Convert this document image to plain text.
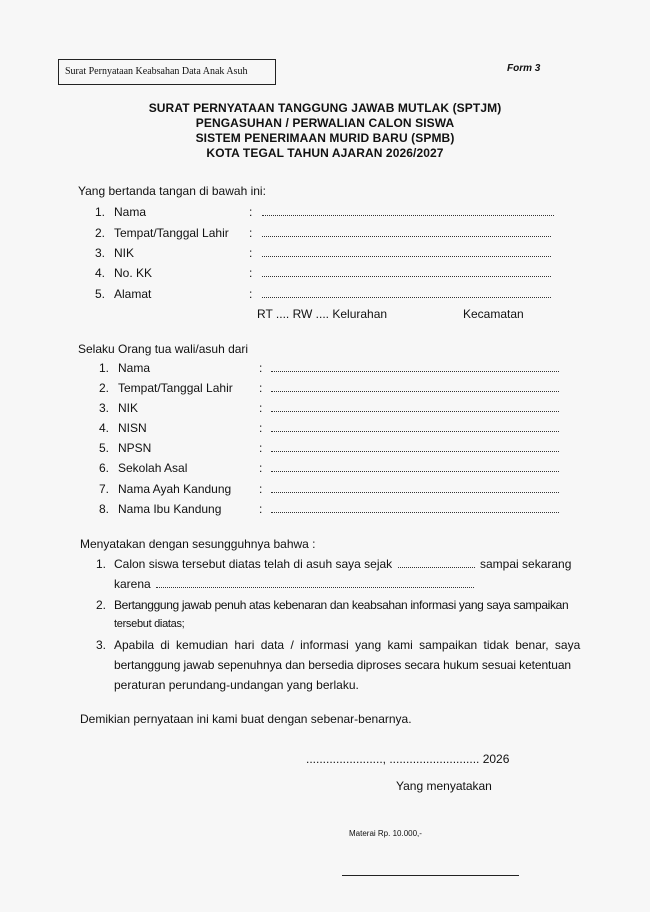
Surat Pernyataan Keabsahan Data Anak Asuh	Form 3
SURAT PERNYATAAN TANGGUNG JAWAB MUTLAK (SPTJM)
PENGASUHAN / PERWALIAN CALON SISWA
SISTEM PENERIMAAN MURID BARU (SPMB)
KOTA TEGAL TAHUN AJARAN 2026/2027
Yang bertanda tangan di bawah ini:
1. Nama	:
2. Tempat/Tanggal Lahir :
3. NIK	:
4. No. KK	:
5. Alamat	:
RT .... RW .... Kelurahan	Kecamatan
Selaku Orang tua wali/asuh dari
1. Nama	:
2. Tempat/Tanggal Lahir :
3. NIK	:
4. NISN	:
5. NPSN	:
6. Sekolah Asal	:
7. Nama Ayah Kandung :
8. Nama Ibu Kandung	:
Menyatakan dengan sesungguhnya bahwa :
1. Calon siswa tersebut diatas telah di asuh saya sejak	sampai sekarang
karena
2. Bertanggung jawab penuh atas kebenaran dan keabsahan informasi yang saya sampaikan
tersebut diatas;
3. Apabila di kemudian hari data / informasi yang kami sampaikan tidak benar, saya
bertanggung jawab sepenuhnya dan bersedia diproses secara hukum sesuai ketentuan
peraturan perundang-undangan yang berlaku.
Demikian pernyataan ini kami buat dengan sebenar-benarnya.
......................., ........................... 2026
Yang menyatakan
Materai Rp. 10.000,-
